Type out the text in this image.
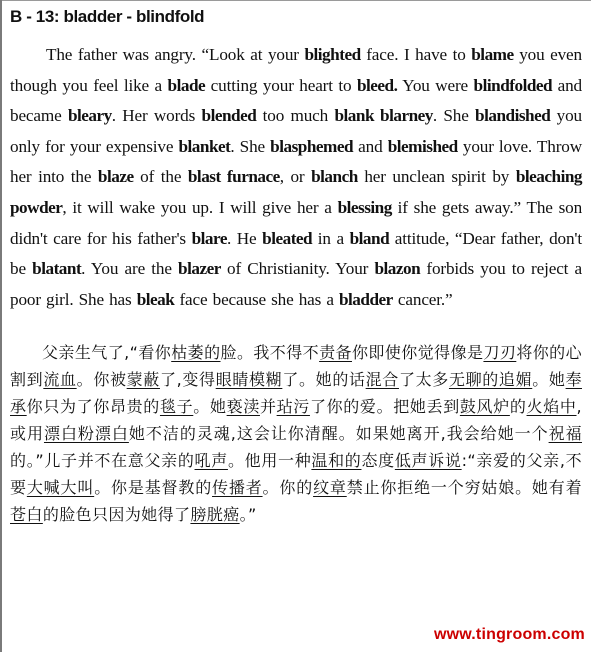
B - 13: bladder - blindfold

The father was angry. “Look at your blighted face. I have to blame you even though you feel like a blade cutting your heart to bleed. You were blindfolded and became bleary. Her words blended too much blank blarney. She blandished you only for your expensive blanket. She blasphemed and blemished your love. Throw her into the blaze of the blast furnace, or blanch her unclean spirit by bleaching powder, it will wake you up. I will give her a blessing if she gets away.” The son didn't care for his father's blare. He bleated in a bland attitude, “Dear father, don't be blatant. You are the blazer of Christianity. Your blazon forbids you to reject a poor girl. She has bleak face because she has a bladder cancer.”

父亲生气了,“看你枯萎的脸。我不得不责备你即使你觉得像是刀刃将你的心割到流血。你被蒙蔽了,变得眼睛模糊了。她的话混合了太多无聊的追媚。她奉承你只为了你昂贵的毯子。她亵渎并玷污了你的爱。把她丢到鼓风炉的火焰中,或用漂白粉漂白她不洁的灵魂,这会让你清醒。如果她离开,我会给她一个祝福的。”儿子并不在意父亲的吼声。他用一种温和的态度低声诉说:“亲爱的父亲,不要大喊大叫。你是基督教的传播者。你的纹章禁止你拒绝一个穷姑娘。她有着苍白的脸色只因为她得了膀胱癌。”

www.tingroom.com
